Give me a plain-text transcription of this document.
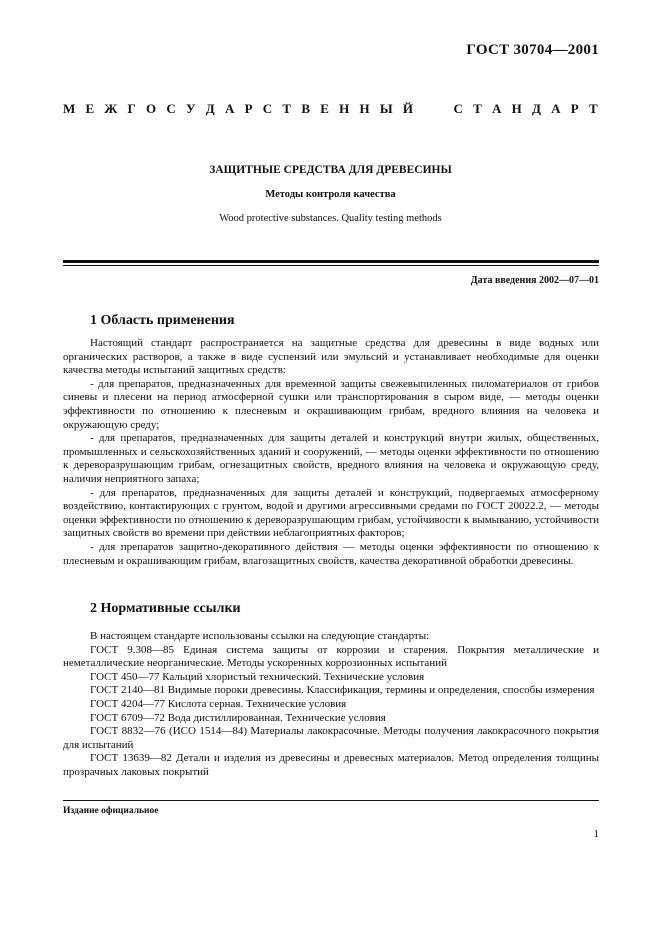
ГОСТ 30704—2001
М Е Ж Г О С У Д А Р С Т В Е Н Н Ы Й	С Т А Н Д А Р Т
ЗАЩИТНЫЕ СРЕДСТВА ДЛЯ ДРЕВЕСИНЫ
Методы контроля качества
Wood protective substances. Quality testing methods
Дата введения 2002—07—01
1 Область применения

Настоящий стандарт распространяется на защитные средства для древесины в виде водных или органических растворов, а также в виде суспензий или эмульсий и устанавливает необходимые для оценки качества методы испытаний защитных средств:

- для препаратов, предназначенных для временной защиты свежевыпиленных пиломатериалов от грибов синевы и плесени на период атмосферной сушки или транспортирования в сыром виде, — методы оценки эффективности по отношению к плесневым и окрашивающим грибам, вредного влияния на человека и окружающую среду;

- для препаратов, предназначенных для защиты деталей и конструкций внутри жилых, общественных, промышленных и сельскохозяйственных зданий и сооружений, — методы оценки эффективности по отношению к дереворазрушающим грибам, огнезащитных свойств, вредного влияния на человека и окружающую среду, наличия неприятного запаха;

- для препаратов, предназначенных для защиты деталей и конструкций, подвергаемых атмосферному воздействию, контактирующих с грунтом, водой и другими агрессивными средами по ГОСТ 20022.2, — методы оценки эффективности по отношению к дереворазрушающим грибам, устойчивости к вымыванию, устойчивости защитных свойств во времени при действии неблагоприятных факторов;

- для препаратов защитно-декоративного действия — методы оценки эффективности по отношению к плесневым и окрашивающим грибам, влагозащитных свойств, качества декоративной обработки древесины.

2 Нормативные ссылки

В настоящем стандарте использованы ссылки на следующие стандарты:

ГОСТ 9.308—85 Единая система защиты от коррозии и старения. Покрытия металлические и неметаллические неорганические. Методы ускоренных коррозионных испытаний

ГОСТ 450—77 Кальций хлористый технический. Технические условия

ГОСТ 2140—81 Видимые пороки древесины. Классификация, термины и определения, способы измерения

ГОСТ 4204—77 Кислота серная. Технические условия

ГОСТ 6709—72 Вода дистиллированная. Технические условия

ГОСТ 8832—76 (ИСО 1514—84) Материалы лакокрасочные. Методы получения лакокрасочного покрытия для испытаний

ГОСТ 13639—82 Детали и изделия из древесины и древесных материалов. Метод определения толщины прозрачных лаковых покрытий

Издание официальное
1
